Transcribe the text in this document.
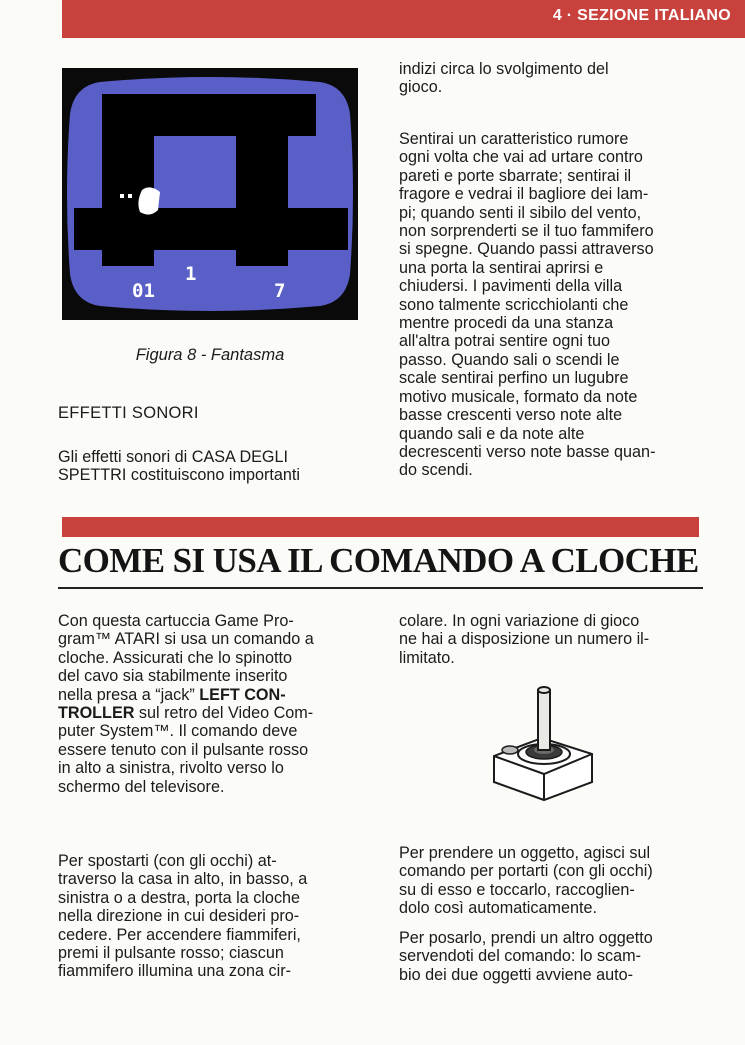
4 · SEZIONE ITALIANO
01
1
7
Figura 8 - Fantasma

indizi circa lo svolgimento del
gioco.

Sentirai un caratteristico rumore
ogni volta che vai ad urtare contro
pareti e porte sbarrate; sentirai il
fragore e vedrai il bagliore dei lam-
pi; quando senti il sibilo del vento,
non sorprenderti se il tuo fammifero
si spegne. Quando passi attraverso
una porta la sentirai aprirsi e
chiudersi. I pavimenti della villa
sono talmente scricchiolanti che
mentre procedi da una stanza
all'altra potrai sentire ogni tuo
passo. Quando sali o scendi le
scale sentirai perfino un lugubre
motivo musicale, formato da note
basse crescenti verso note alte
quando sali e da note alte
decrescenti verso note basse quan-
do scendi.

EFFETTI SONORI

Gli effetti sonori di CASA DEGLI
SPETTRI costituiscono importanti

COME SI USA IL COMANDO A CLOCHE

Con questa cartuccia Game Pro-
gram™ ATARI si usa un comando a
cloche. Assicurati che lo spinotto
del cavo sia stabilmente inserito
nella presa a “jack” LEFT CON-
TROLLER sul retro del Video Com-
puter System™. Il comando deve
essere tenuto con il pulsante rosso
in alto a sinistra, rivolto verso lo
schermo del televisore.

colare. In ogni variazione di gioco
ne hai a disposizione un numero il-
limitato.

Per spostarti (con gli occhi) at-
traverso la casa in alto, in basso, a
sinistra o a destra, porta la cloche
nella direzione in cui desideri pro-
cedere. Per accendere fiammiferi,
premi il pulsante rosso; ciascun
fiammifero illumina una zona cir-

Per prendere un oggetto, agisci sul
comando per portarti (con gli occhi)
su di esso e toccarlo, raccoglien-
dolo così automaticamente.

Per posarlo, prendi un altro oggetto
servendoti del comando: lo scam-
bio dei due oggetti avviene auto-
